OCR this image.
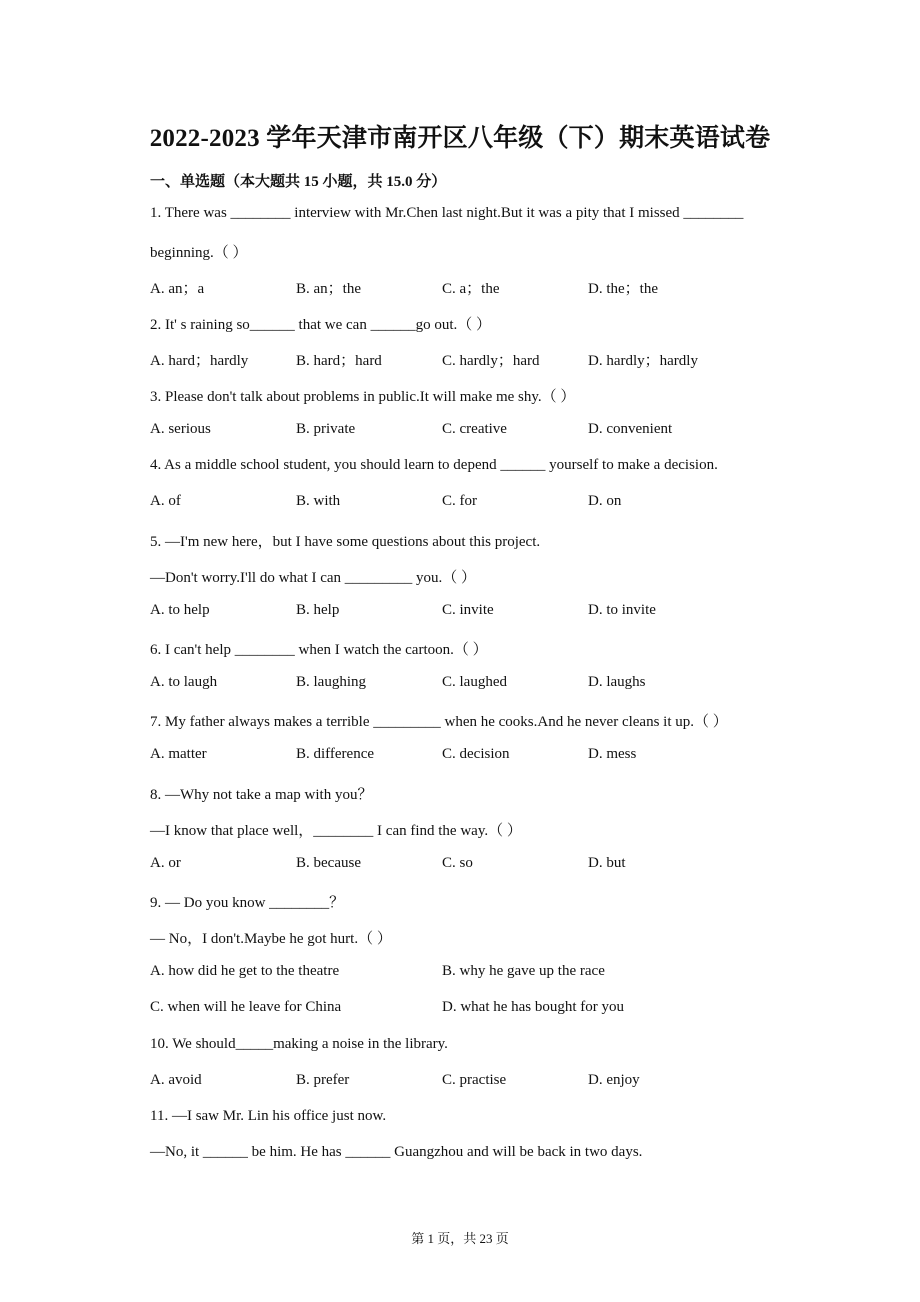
2022-2023 学年天津市南开区八年级（下）期末英语试卷
一、单选题（本大题共 15 小题，共 15.0 分）
1. There was ________ interview with Mr.Chen last night.But it was a pity that I missed ________
beginning.（ ）
A. an；a	B. an；the	C. a；the	D. the；the
2. It' s raining so______ that we can ______go out.（ ）
A. hard；hardly	B. hard；hard	C. hardly；hard	D. hardly；hardly
3. Please don't talk about problems in public.It will make me shy.（ ）
A. serious	B. private	C. creative	D. convenient
4. As a middle school student, you should learn to depend ______ yourself to make a decision.
A. of	B. with	C. for	D. on
5. —I'm new here，but I have some questions about this project.
—Don't worry.I'll do what I can _________ you.（ ）
A. to help	B. help	C. invite	D. to invite
6. I can't help ________ when I watch the cartoon.（ ）
A. to laugh	B. laughing	C. laughed	D. laughs
7. My father always makes a terrible _________ when he cooks.And he never cleans it up.（ ）
A. matter	B. difference	C. decision	D. mess
8. —Why not take a map with you？
—I know that place well，________ I can find the way.（ ）
A. or	B. because	C. so	D. but
9. — Do you know ________？
— No，I don't.Maybe he got hurt.（ ）
A. how did he get to the theatre	B. why he gave up the race
C. when will he leave for China	D. what he has bought for you
10. We should_____making a noise in the library.
A. avoid	B. prefer	C. practise	D. enjoy
11. —I saw Mr. Lin his office just now.
—No, it ______ be him. He has ______ Guangzhou and will be back in two days.
第 1 页，共 23 页
